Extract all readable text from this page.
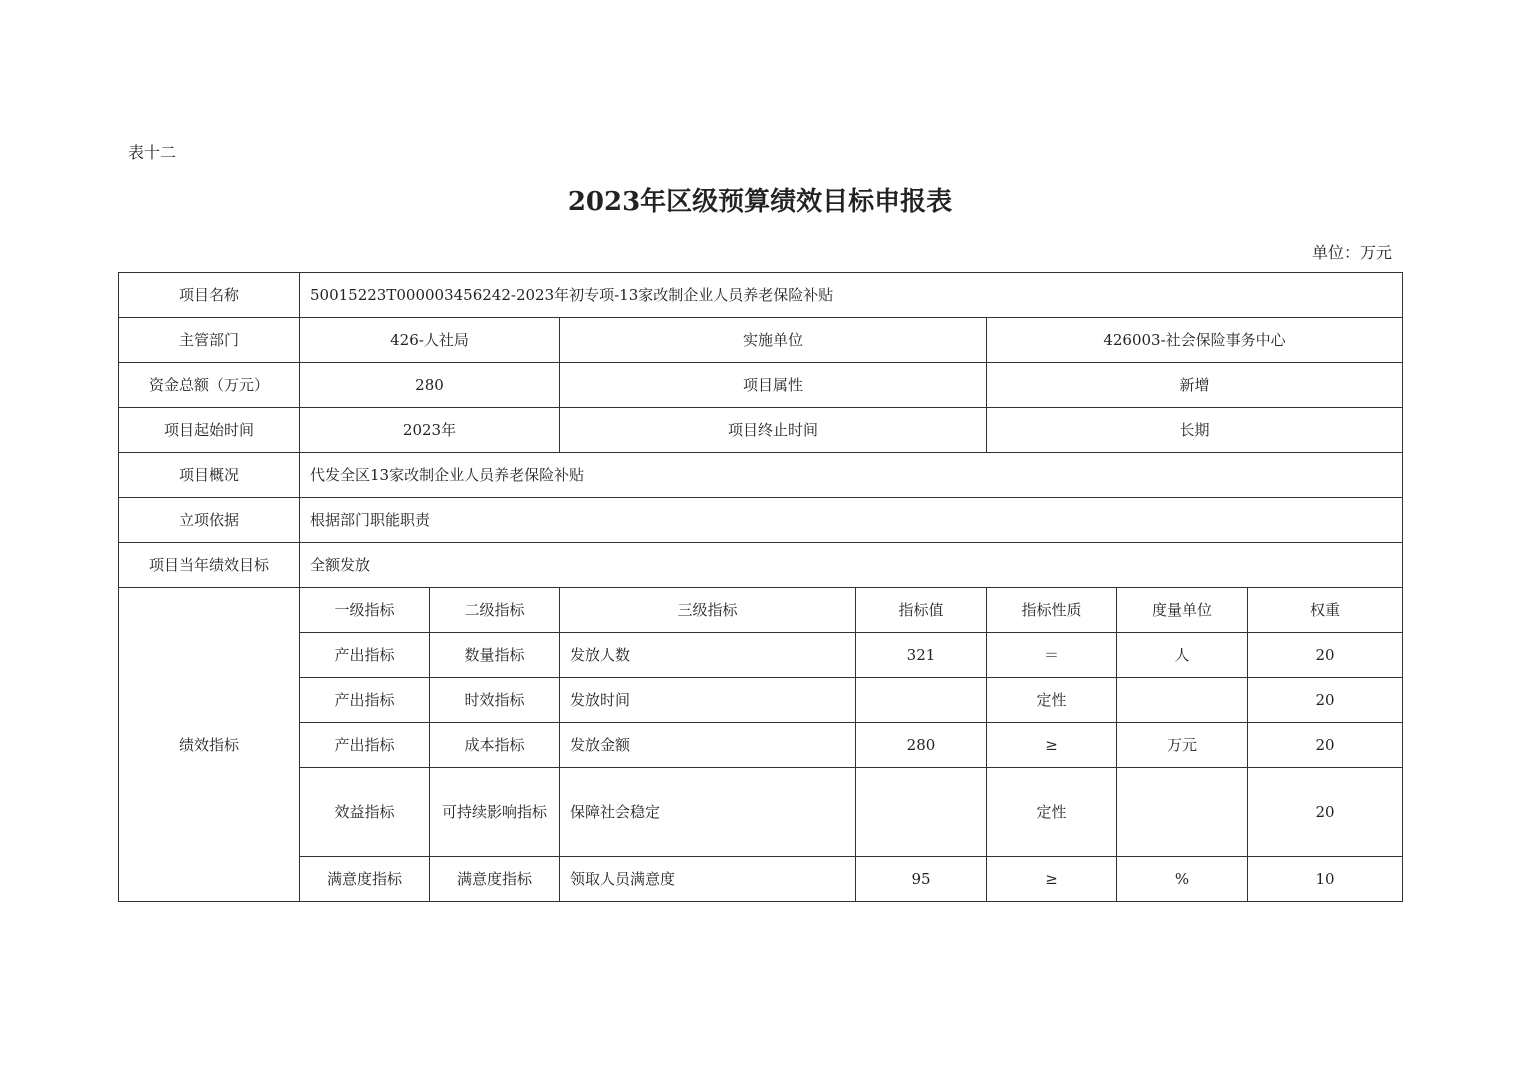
表十二
2023年区级预算绩效目标申报表
单位：万元
项目名称	50015223T000003456242-2023年初专项-13家改制企业人员养老保险补贴						
主管部门	426-人社局		实施单位		426003-社会保险事务中心		
资金总额（万元）	280		项目属性		新增		
项目起始时间	2023年		项目终止时间		长期		
项目概况	代发全区13家改制企业人员养老保险补贴						
立项依据	根据部门职能职责						
项目当年绩效目标	全额发放						
绩效指标	一级指标	二级指标	三级指标	指标值	指标性质	度量单位	权重
	产出指标	数量指标	发放人数	321	＝	人	20
	产出指标	时效指标	发放时间		定性		20
	产出指标	成本指标	发放金额	280	≥	万元	20
	效益指标	可持续影响指标	保障社会稳定		定性		20
	满意度指标	满意度指标	领取人员满意度	95	≥	%	10
